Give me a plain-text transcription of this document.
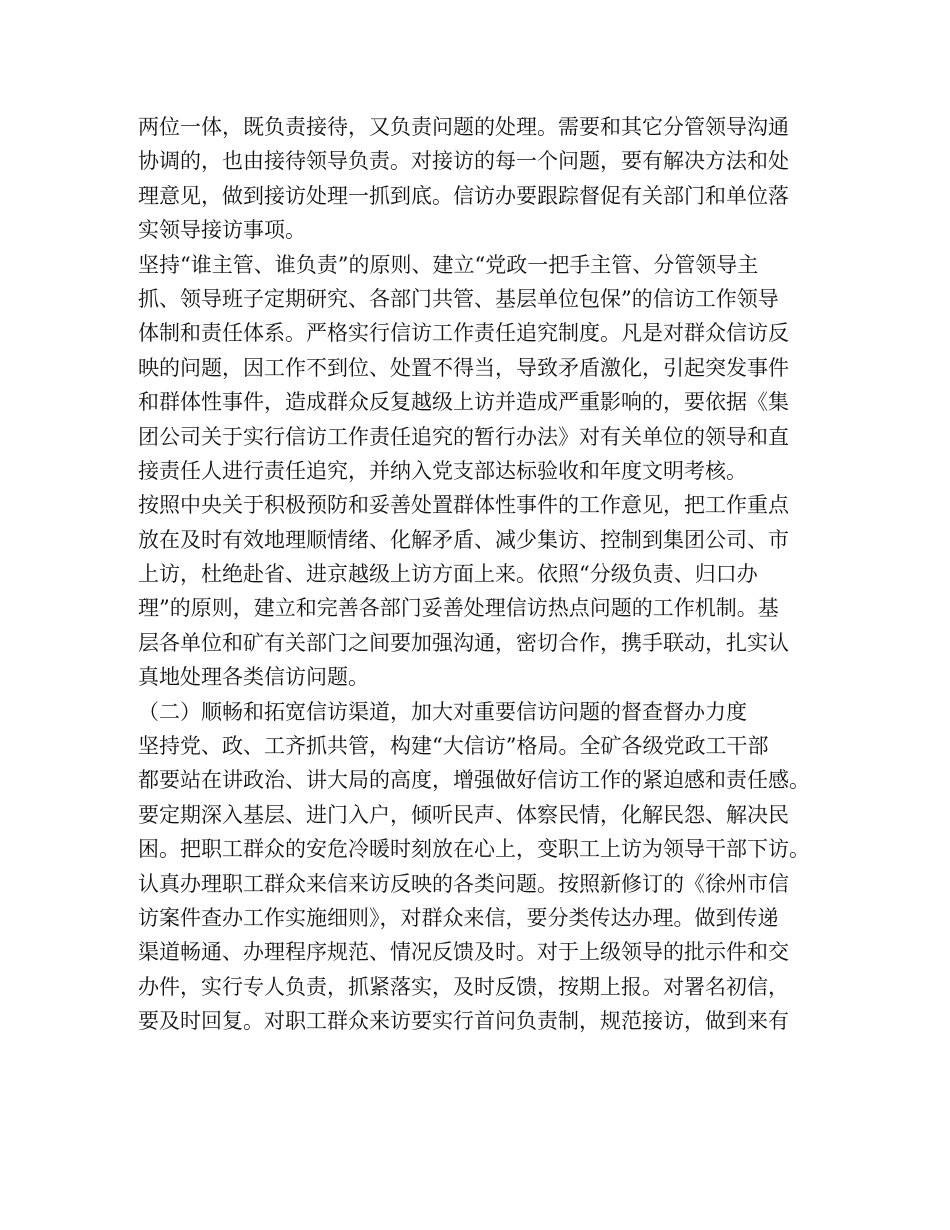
两位一体，既负责接待，又负责问题的处理。需要和其它分管领导沟通
协调的，也由接待领导负责。对接访的每一个问题，要有解决方法和处
理意见，做到接访处理一抓到底。信访办要跟踪督促有关部门和单位落
实领导接访事项。
坚持“谁主管、谁负责”的原则、建立“党政一把手主管、分管领导主
抓、领导班子定期研究、各部门共管、基层单位包保”的信访工作领导
体制和责任体系。严格实行信访工作责任追究制度。凡是对群众信访反
映的问题，因工作不到位、处置不得当，导致矛盾激化，引起突发事件
和群体性事件，造成群众反复越级上访并造成严重影响的，要依据《集
团公司关于实行信访工作责任追究的暂行办法》对有关单位的领导和直
接责任人进行责任追究，并纳入党支部达标验收和年度文明考核。
按照中央关于积极预防和妥善处置群体性事件的工作意见，把工作重点
放在及时有效地理顺情绪、化解矛盾、减少集访、控制到集团公司、市
上访，杜绝赴省、进京越级上访方面上来。依照“分级负责、归口办
理”的原则，建立和完善各部门妥善处理信访热点问题的工作机制。基
层各单位和矿有关部门之间要加强沟通，密切合作，携手联动，扎实认
真地处理各类信访问题。
（二）顺畅和拓宽信访渠道，加大对重要信访问题的督查督办力度
坚持党、政、工齐抓共管，构建“大信访”格局。全矿各级党政工干部
都要站在讲政治、讲大局的高度，增强做好信访工作的紧迫感和责任感。
要定期深入基层、进门入户，倾听民声、体察民情，化解民怨、解决民
困。把职工群众的安危冷暖时刻放在心上，变职工上访为领导干部下访。
认真办理职工群众来信来访反映的各类问题。按照新修订的《徐州市信
访案件查办工作实施细则》，对群众来信，要分类传达办理。做到传递
渠道畅通、办理程序规范、情况反馈及时。对于上级领导的批示件和交
办件，实行专人负责，抓紧落实，及时反馈，按期上报。对署名初信，
要及时回复。对职工群众来访要实行首问负责制，规范接访，做到来有
